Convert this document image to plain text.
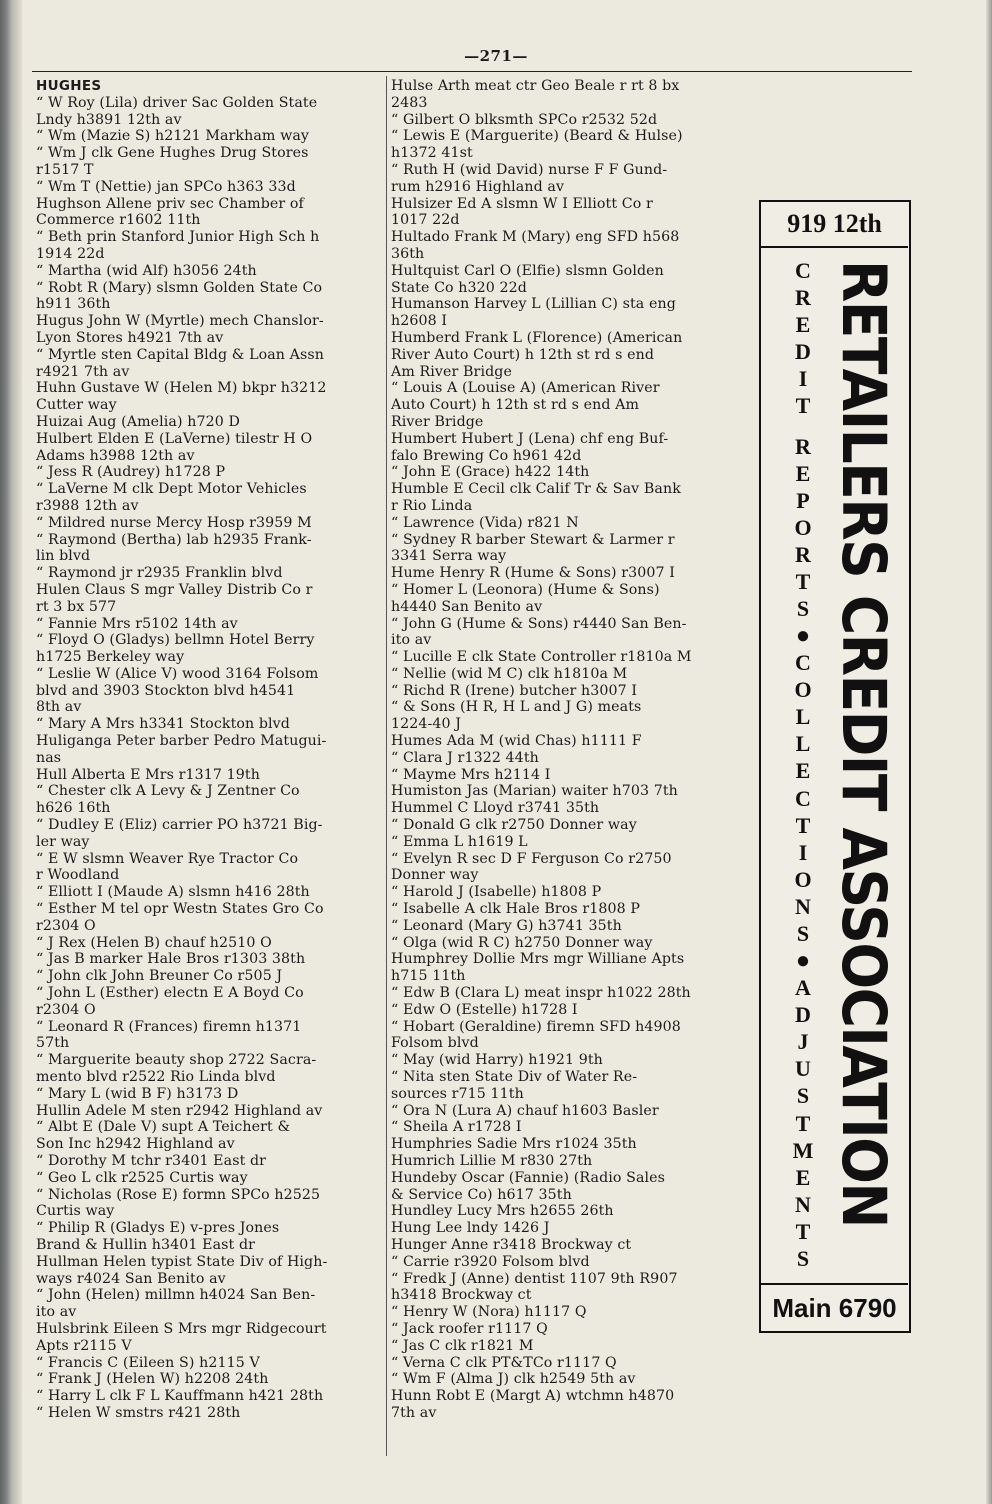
—271—
HUGHES
“ W Roy (Lila) driver Sac Golden State
Lndy h3891 12th av
“ Wm (Mazie S) h2121 Markham way
“ Wm J clk Gene Hughes Drug Stores
r1517 T
“ Wm T (Nettie) jan SPCo h363 33d
Hughson Allene priv sec Chamber of
Commerce r1602 11th
“ Beth prin Stanford Junior High Sch h
1914 22d
“ Martha (wid Alf) h3056 24th
“ Robt R (Mary) slsmn Golden State Co
h911 36th
Hugus John W (Myrtle) mech Chanslor-
Lyon Stores h4921 7th av
“ Myrtle sten Capital Bldg & Loan Assn
r4921 7th av
Huhn Gustave W (Helen M) bkpr h3212
Cutter way
Huizai Aug (Amelia) h720 D
Hulbert Elden E (LaVerne) tilestr H O
Adams h3988 12th av
“ Jess R (Audrey) h1728 P
“ LaVerne M clk Dept Motor Vehicles
r3988 12th av
“ Mildred nurse Mercy Hosp r3959 M
“ Raymond (Bertha) lab h2935 Frank-
lin blvd
“ Raymond jr r2935 Franklin blvd
Hulen Claus S mgr Valley Distrib Co r
rt 3 bx 577
“ Fannie Mrs r5102 14th av
“ Floyd O (Gladys) bellmn Hotel Berry
h1725 Berkeley way
“ Leslie W (Alice V) wood 3164 Folsom
blvd and 3903 Stockton blvd h4541
8th av
“ Mary A Mrs h3341 Stockton blvd
Huliganga Peter barber Pedro Matugui-
nas
Hull Alberta E Mrs r1317 19th
“ Chester clk A Levy & J Zentner Co
h626 16th
“ Dudley E (Eliz) carrier PO h3721 Big-
ler way
“ E W slsmn Weaver Rye Tractor Co
r Woodland
“ Elliott I (Maude A) slsmn h416 28th
“ Esther M tel opr Westn States Gro Co
r2304 O
“ J Rex (Helen B) chauf h2510 O
“ Jas B marker Hale Bros r1303 38th
“ John clk John Breuner Co r505 J
“ John L (Esther) electn E A Boyd Co
r2304 O
“ Leonard R (Frances) firemn h1371
57th
“ Marguerite beauty shop 2722 Sacra-
mento blvd r2522 Rio Linda blvd
“ Mary L (wid B F) h3173 D
Hullin Adele M sten r2942 Highland av
“ Albt E (Dale V) supt A Teichert &
Son Inc h2942 Highland av
“ Dorothy M tchr r3401 East dr
“ Geo L clk r2525 Curtis way
“ Nicholas (Rose E) formn SPCo h2525
Curtis way
“ Philip R (Gladys E) v-pres Jones
Brand & Hullin h3401 East dr
Hullman Helen typist State Div of High-
ways r4024 San Benito av
“ John (Helen) millmn h4024 San Ben-
ito av
Hulsbrink Eileen S Mrs mgr Ridgecourt
Apts r2115 V
“ Francis C (Eileen S) h2115 V
“ Frank J (Helen W) h2208 24th
“ Harry L clk F L Kauffmann h421 28th
“ Helen W smstrs r421 28th
Hulse Arth meat ctr Geo Beale r rt 8 bx
2483
“ Gilbert O blksmth SPCo r2532 52d
“ Lewis E (Marguerite) (Beard & Hulse)
h1372 41st
“ Ruth H (wid David) nurse F F Gund-
rum h2916 Highland av
Hulsizer Ed A slsmn W I Elliott Co r
1017 22d
Hultado Frank M (Mary) eng SFD h568
36th
Hultquist Carl O (Elfie) slsmn Golden
State Co h320 22d
Humanson Harvey L (Lillian C) sta eng
h2608 I
Humberd Frank L (Florence) (American
River Auto Court) h 12th st rd s end
Am River Bridge
“ Louis A (Louise A) (American River
Auto Court) h 12th st rd s end Am
River Bridge
Humbert Hubert J (Lena) chf eng Buf-
falo Brewing Co h961 42d
“ John E (Grace) h422 14th
Humble E Cecil clk Calif Tr & Sav Bank
r Rio Linda
“ Lawrence (Vida) r821 N
“ Sydney R barber Stewart & Larmer r
3341 Serra way
Hume Henry R (Hume & Sons) r3007 I
“ Homer L (Leonora) (Hume & Sons)
h4440 San Benito av
“ John G (Hume & Sons) r4440 San Ben-
ito av
“ Lucille E clk State Controller r1810a M
“ Nellie (wid M C) clk h1810a M
“ Richd R (Irene) butcher h3007 I
“ & Sons (H R, H L and J G) meats
1224-40 J
Humes Ada M (wid Chas) h1111 F
“ Clara J r1322 44th
“ Mayme Mrs h2114 I
Humiston Jas (Marian) waiter h703 7th
Hummel C Lloyd r3741 35th
“ Donald G clk r2750 Donner way
“ Emma L h1619 L
“ Evelyn R sec D F Ferguson Co r2750
Donner way
“ Harold J (Isabelle) h1808 P
“ Isabelle A clk Hale Bros r1808 P
“ Leonard (Mary G) h3741 35th
“ Olga (wid R C) h2750 Donner way
Humphrey Dollie Mrs mgr Williane Apts
h715 11th
“ Edw B (Clara L) meat inspr h1022 28th
“ Edw O (Estelle) h1728 I
“ Hobart (Geraldine) firemn SFD h4908
Folsom blvd
“ May (wid Harry) h1921 9th
“ Nita sten State Div of Water Re-
sources r715 11th
“ Ora N (Lura A) chauf h1603 Basler
“ Sheila A r1728 I
Humphries Sadie Mrs r1024 35th
Humrich Lillie M r830 27th
Hundeby Oscar (Fannie) (Radio Sales
& Service Co) h617 35th
Hundley Lucy Mrs h2655 26th
Hung Lee lndy 1426 J
Hunger Anne r3418 Brockway ct
“ Carrie r3920 Folsom blvd
“ Fredk J (Anne) dentist 1107 9th R907
h3418 Brockway ct
“ Henry W (Nora) h1117 Q
“ Jack roofer r1117 Q
“ Jas C clk r1821 M
“ Verna C clk PT&TCo r1117 Q
“ Wm F (Alma J) clk h2549 5th av
Hunn Robt E (Margt A) wtchmn h4870
7th av
919 12th
C
R
E
D
I
T
R
E
P
O
R
T
S
●
C
O
L
L
E
C
T
I
O
N
S
●
A
D
J
U
S
T
M
E
N
T
S
RETAILERS CREDIT ASSOCIATION
Main 6790
